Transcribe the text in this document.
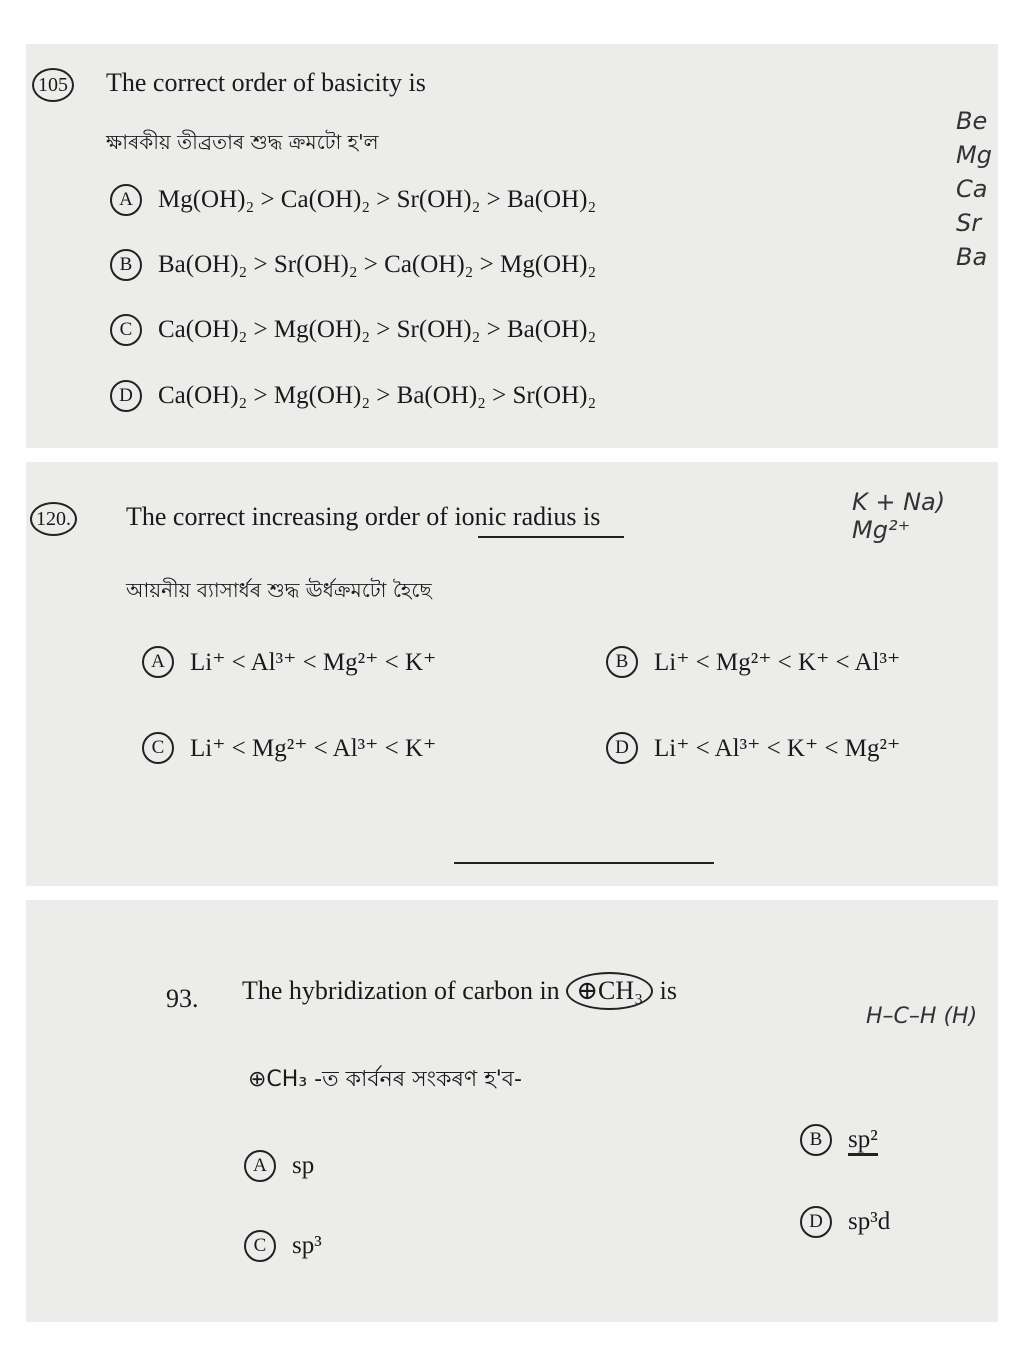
105 The correct order of basicity is
ক্ষাৰকীয় তীব্ৰতাৰ শুদ্ধ ক্ৰমটো হ'ল
A Mg(OH)₂ > Ca(OH)₂ > Sr(OH)₂ > Ba(OH)₂
B Ba(OH)₂ > Sr(OH)₂ > Ca(OH)₂ > Mg(OH)₂
C Ca(OH)₂ > Mg(OH)₂ > Sr(OH)₂ > Ba(OH)₂
D Ca(OH)₂ > Mg(OH)₂ > Ba(OH)₂ > Sr(OH)₂
Be
Mg
Ca
Sr
Ba
120. The correct increasing order of ionic radius is
আয়নীয় ব্যাসাৰ্ধৰ শুদ্ধ ঊৰ্ধক্ৰমটো হৈছে
A Li⁺ < Al³⁺ < Mg²⁺ < K⁺	B Li⁺ < Mg²⁺ < K⁺ < Al³⁺
C Li⁺ < Mg²⁺ < Al³⁺ < K⁺	D Li⁺ < Al³⁺ < K⁺ < Mg²⁺
K + Na) Mg²⁺
93. The hybridization of carbon in ⊕CH₃ is
⊕CH₃ -ত কাৰ্বনৰ সংকৰণ হ'ব-
A sp
B sp²
C sp³
D sp³d
H–C–H (H)
